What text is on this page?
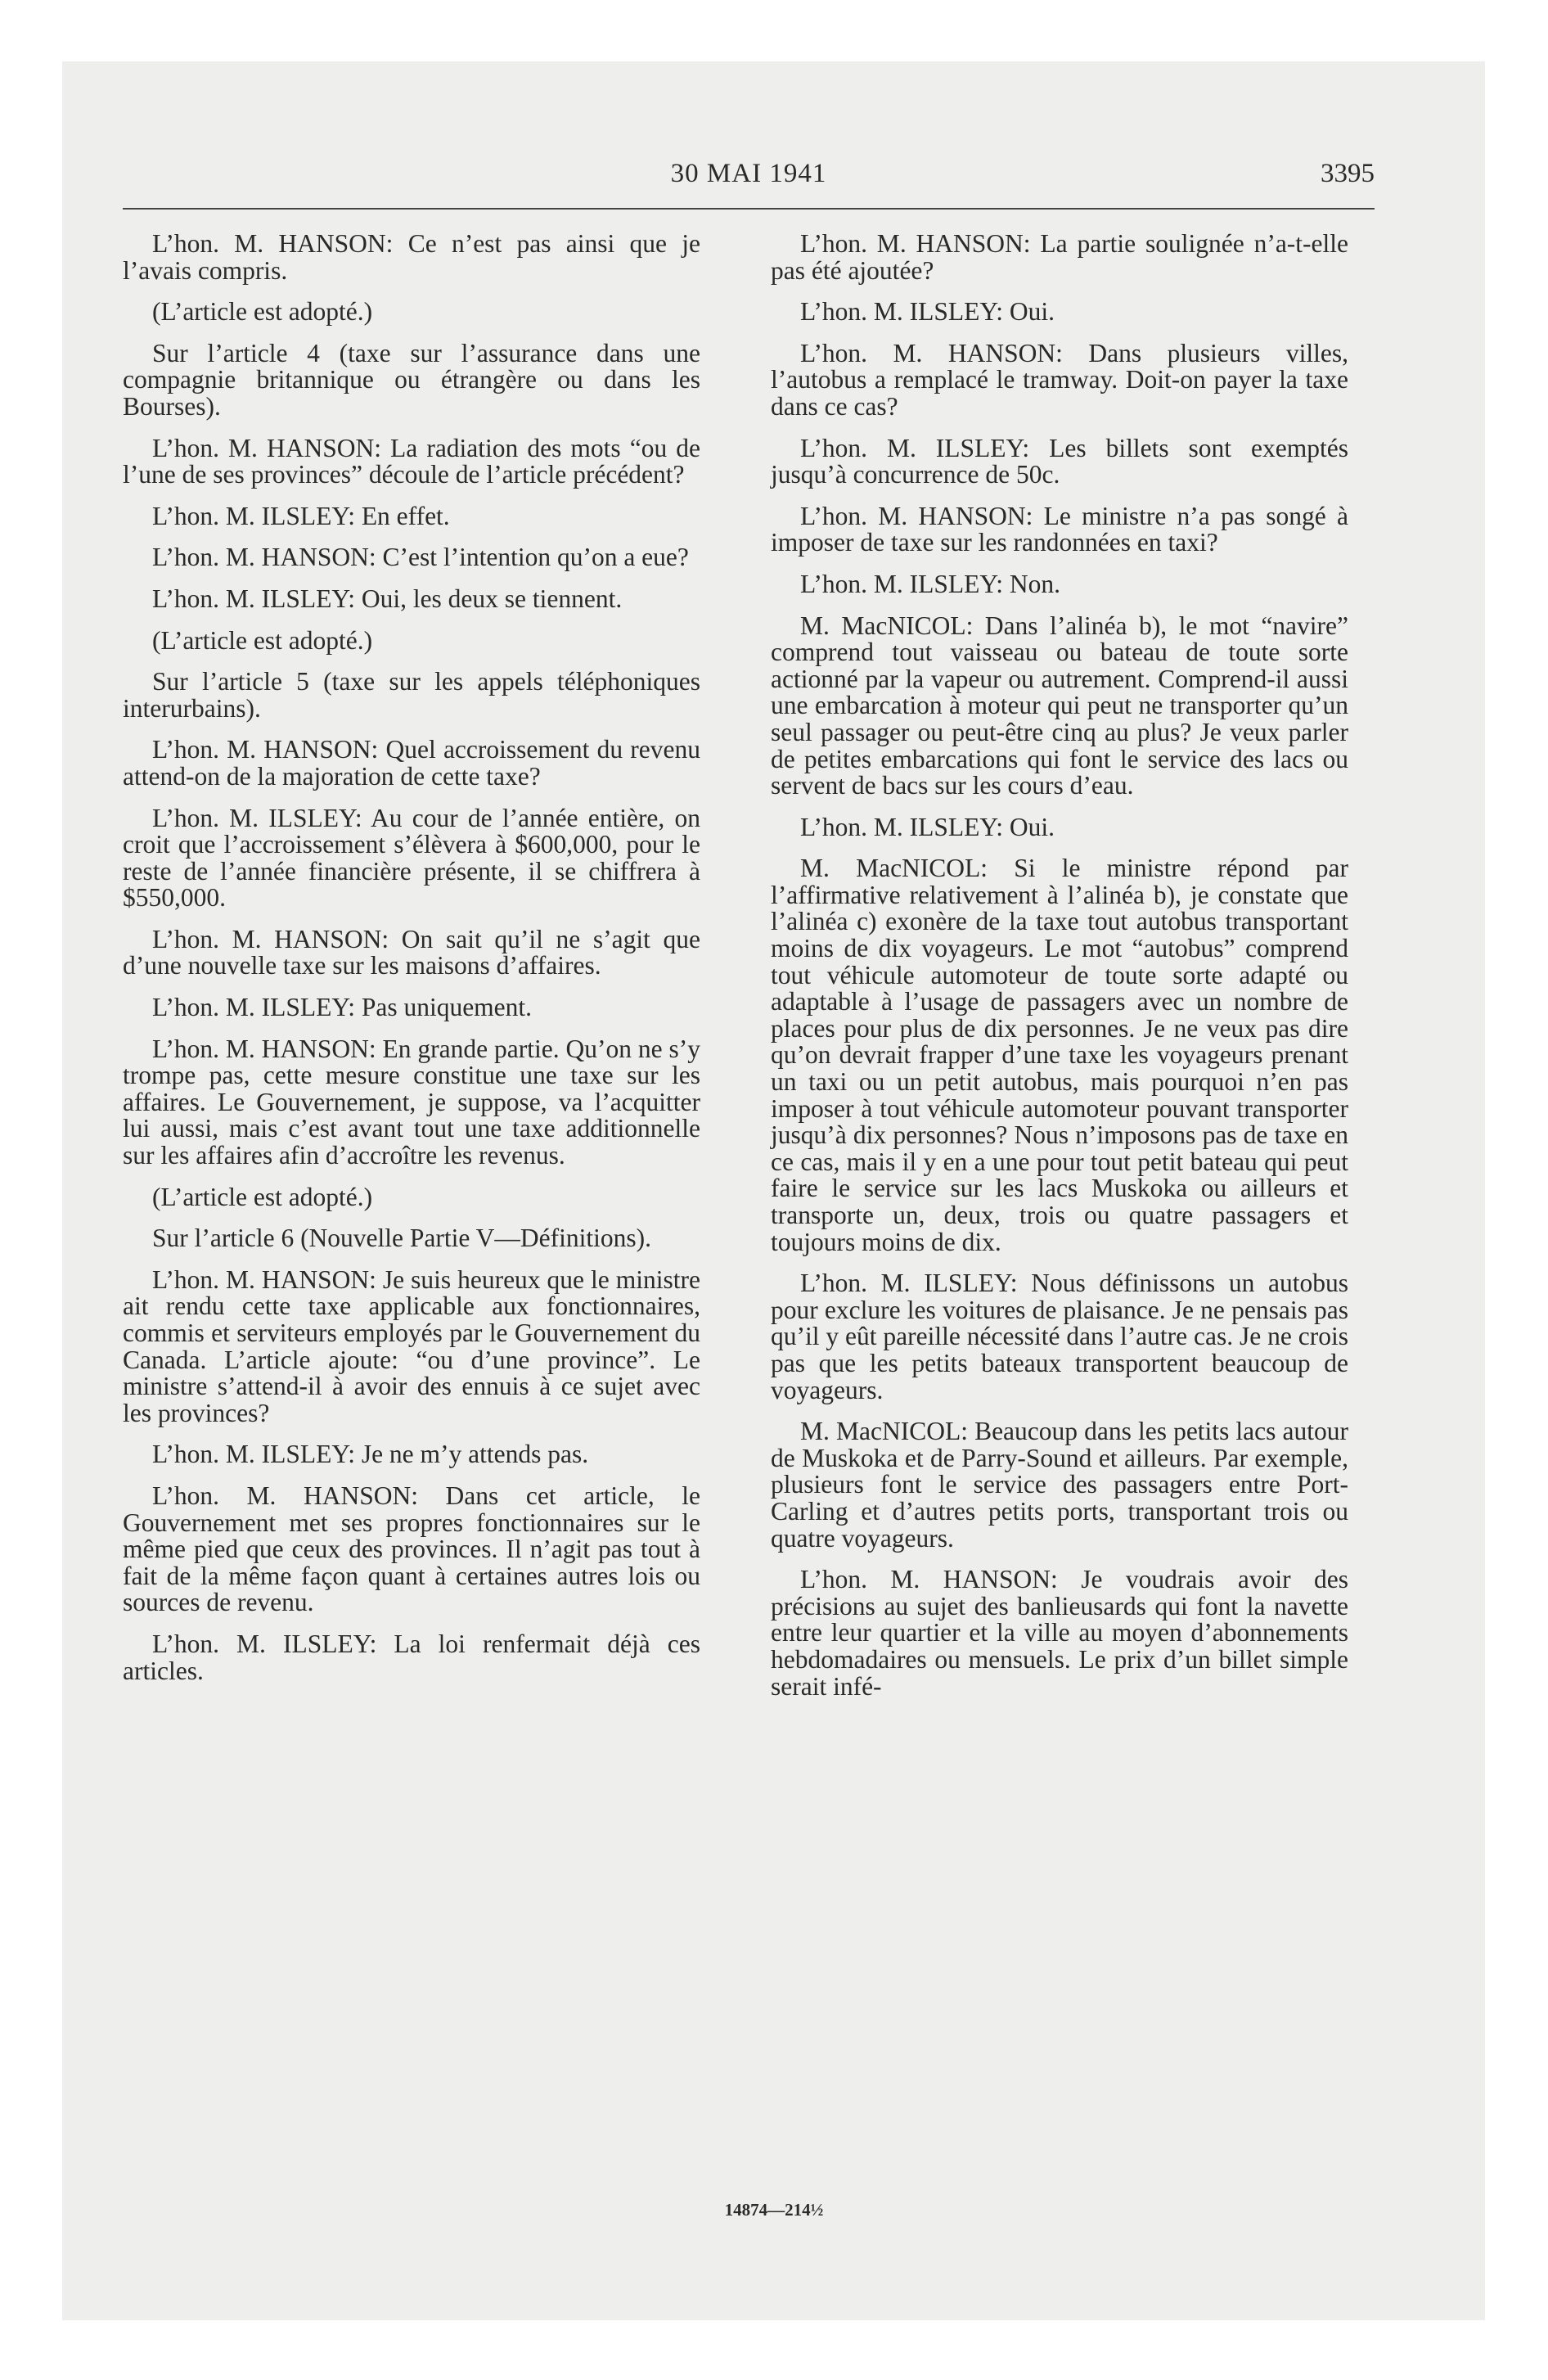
30 MAI 1941	3395

L’hon. M. HANSON: Ce n’est pas ainsi que je l’avais compris.

(L’article est adopté.)

Sur l’article 4 (taxe sur l’assurance dans une compagnie britannique ou étrangère ou dans les Bourses).

L’hon. M. HANSON: La radiation des mots “ou de l’une de ses provinces” découle de l’article précédent?

L’hon. M. ILSLEY: En effet.

L’hon. M. HANSON: C’est l’intention qu’on a eue?

L’hon. M. ILSLEY: Oui, les deux se tiennent.

(L’article est adopté.)

Sur l’article 5 (taxe sur les appels téléphoniques interurbains).

L’hon. M. HANSON: Quel accroissement du revenu attend-on de la majoration de cette taxe?

L’hon. M. ILSLEY: Au cour de l’année entière, on croit que l’accroissement s’élèvera à $600,000, pour le reste de l’année financière présente, il se chiffrera à $550,000.

L’hon. M. HANSON: On sait qu’il ne s’agit que d’une nouvelle taxe sur les maisons d’affaires.

L’hon. M. ILSLEY: Pas uniquement.

L’hon. M. HANSON: En grande partie. Qu’on ne s’y trompe pas, cette mesure constitue une taxe sur les affaires. Le Gouvernement, je suppose, va l’acquitter lui aussi, mais c’est avant tout une taxe additionnelle sur les affaires afin d’accroître les revenus.

(L’article est adopté.)

Sur l’article 6 (Nouvelle Partie V—Définitions).

L’hon. M. HANSON: Je suis heureux que le ministre ait rendu cette taxe applicable aux fonctionnaires, commis et serviteurs employés par le Gouvernement du Canada. L’article ajoute: “ou d’une province”. Le ministre s’attend-il à avoir des ennuis à ce sujet avec les provinces?

L’hon. M. ILSLEY: Je ne m’y attends pas.

L’hon. M. HANSON: Dans cet article, le Gouvernement met ses propres fonctionnaires sur le même pied que ceux des provinces. Il n’agit pas tout à fait de la même façon quant à certaines autres lois ou sources de revenu.

L’hon. M. ILSLEY: La loi renfermait déjà ces articles.

L’hon. M. HANSON: La partie soulignée n’a-t-elle pas été ajoutée?

L’hon. M. ILSLEY: Oui.

L’hon. M. HANSON: Dans plusieurs villes, l’autobus a remplacé le tramway. Doit-on payer la taxe dans ce cas?

L’hon. M. ILSLEY: Les billets sont exemptés jusqu’à concurrence de 50c.

L’hon. M. HANSON: Le ministre n’a pas songé à imposer de taxe sur les randonnées en taxi?

L’hon. M. ILSLEY: Non.

M. MacNICOL: Dans l’alinéa b), le mot “navire” comprend tout vaisseau ou bateau de toute sorte actionné par la vapeur ou autrement. Comprend-il aussi une embarcation à moteur qui peut ne transporter qu’un seul passager ou peut-être cinq au plus? Je veux parler de petites embarcations qui font le service des lacs ou servent de bacs sur les cours d’eau.

L’hon. M. ILSLEY: Oui.

M. MacNICOL: Si le ministre répond par l’affirmative relativement à l’alinéa b), je constate que l’alinéa c) exonère de la taxe tout autobus transportant moins de dix voyageurs. Le mot “autobus” comprend tout véhicule automoteur de toute sorte adapté ou adaptable à l’usage de passagers avec un nombre de places pour plus de dix personnes. Je ne veux pas dire qu’on devrait frapper d’une taxe les voyageurs prenant un taxi ou un petit autobus, mais pourquoi n’en pas imposer à tout véhicule automoteur pouvant transporter jusqu’à dix personnes? Nous n’imposons pas de taxe en ce cas, mais il y en a une pour tout petit bateau qui peut faire le service sur les lacs Muskoka ou ailleurs et transporte un, deux, trois ou quatre passagers et toujours moins de dix.

L’hon. M. ILSLEY: Nous définissons un autobus pour exclure les voitures de plaisance. Je ne pensais pas qu’il y eût pareille nécessité dans l’autre cas. Je ne crois pas que les petits bateaux transportent beaucoup de voyageurs.

M. MacNICOL: Beaucoup dans les petits lacs autour de Muskoka et de Parry-Sound et ailleurs. Par exemple, plusieurs font le service des passagers entre Port-Carling et d’autres petits ports, transportant trois ou quatre voyageurs.

L’hon. M. HANSON: Je voudrais avoir des précisions au sujet des banlieusards qui font la navette entre leur quartier et la ville au moyen d’abonnements hebdomadaires ou mensuels. Le prix d’un billet simple serait infé-

14874—214½
